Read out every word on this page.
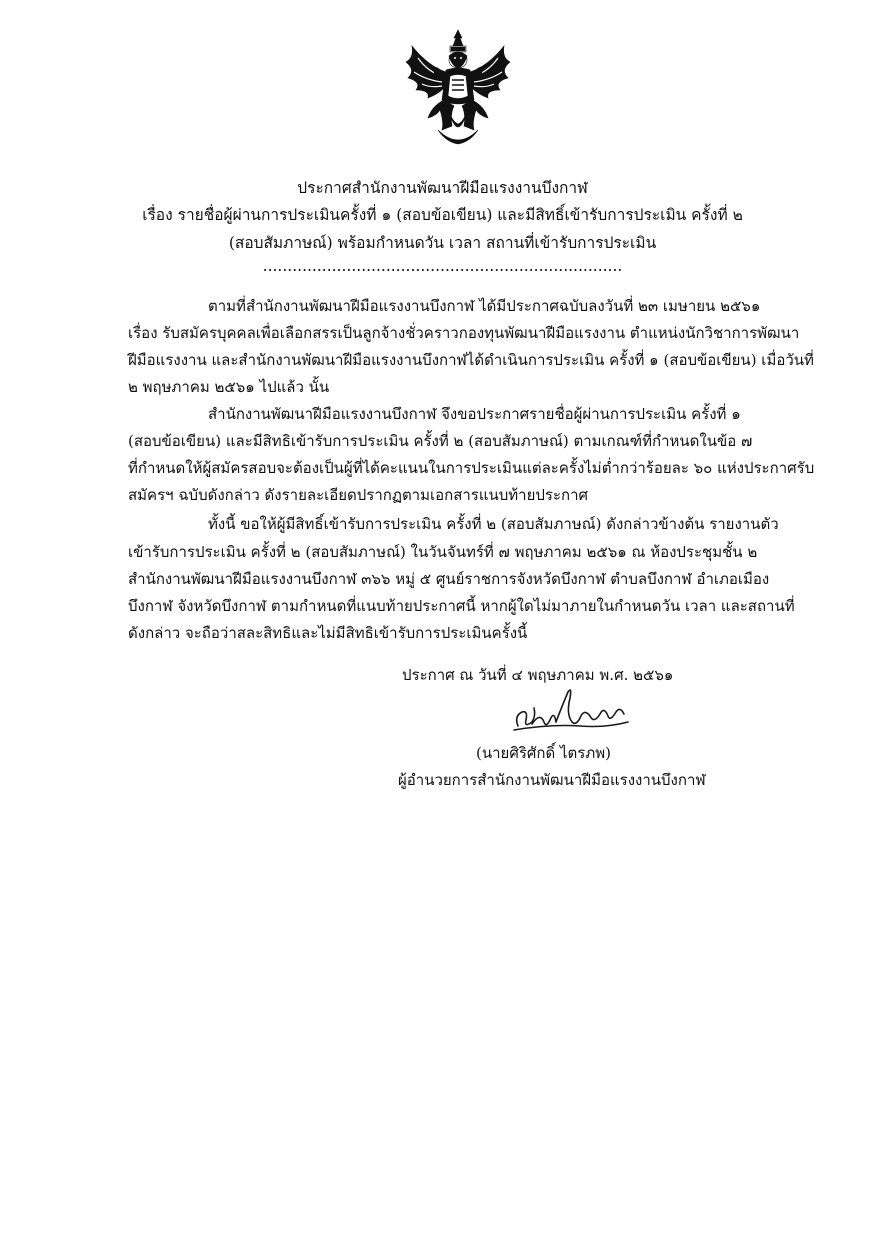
ประกาศสำนักงานพัฒนาฝีมือแรงงานบึงกาฬ
เรื่อง รายชื่อผู้ผ่านการประเมินครั้งที่ ๑ (สอบข้อเขียน) และมีสิทธิ์เข้ารับการประเมิน ครั้งที่ ๒
(สอบสัมภาษณ์) พร้อมกำหนดวัน เวลา สถานที่เข้ารับการประเมิน
.........................................................................
ตามที่สำนักงานพัฒนาฝีมือแรงงานบึงกาฬ ได้มีประกาศฉบับลงวันที่ ๒๓ เมษายน ๒๕๖๑
เรื่อง รับสมัครบุคคลเพื่อเลือกสรรเป็นลูกจ้างชั่วคราวกองทุนพัฒนาฝีมือแรงงาน ตำแหน่งนักวิชาการพัฒนา
ฝีมือแรงงาน และสำนักงานพัฒนาฝีมือแรงงานบึงกาฬได้ดำเนินการประเมิน ครั้งที่ ๑ (สอบข้อเขียน) เมื่อวันที่
๒ พฤษภาคม ๒๕๖๑ ไปแล้ว นั้น
สำนักงานพัฒนาฝีมือแรงงานบึงกาฬ จึงขอประกาศรายชื่อผู้ผ่านการประเมิน ครั้งที่ ๑
(สอบข้อเขียน) และมีสิทธิเข้ารับการประเมิน ครั้งที่ ๒ (สอบสัมภาษณ์) ตามเกณฑ์ที่กำหนดในข้อ ๗
ที่กำหนดให้ผู้สมัครสอบจะต้องเป็นผู้ที่ได้คะแนนในการประเมินแต่ละครั้งไม่ต่ำกว่าร้อยละ ๖๐ แห่งประกาศรับ
สมัครฯ ฉบับดังกล่าว ดังรายละเอียดปรากฏตามเอกสารแนบท้ายประกาศ
ทั้งนี้ ขอให้ผู้มีสิทธิ์เข้ารับการประเมิน ครั้งที่ ๒ (สอบสัมภาษณ์) ดังกล่าวข้างต้น รายงานตัว
เข้ารับการประเมิน ครั้งที่ ๒ (สอบสัมภาษณ์) ในวันจันทร์ที่ ๗ พฤษภาคม ๒๕๖๑ ณ ห้องประชุมชั้น ๒
สำนักงานพัฒนาฝีมือแรงงานบึงกาฬ ๓๖๖ หมู่ ๕ ศูนย์ราชการจังหวัดบึงกาฬ ตำบลบึงกาฬ อำเภอเมือง
บึงกาฬ จังหวัดบึงกาฬ ตามกำหนดที่แนบท้ายประกาศนี้ หากผู้ใดไม่มาภายในกำหนดวัน เวลา และสถานที่
ดังกล่าว จะถือว่าสละสิทธิและไม่มีสิทธิเข้ารับการประเมินครั้งนี้
ประกาศ ณ วันที่ ๔ พฤษภาคม พ.ศ. ๒๕๖๑
(นายศิริศักดิ์ ไตรภพ)
ผู้อำนวยการสำนักงานพัฒนาฝีมือแรงงานบึงกาฬ
